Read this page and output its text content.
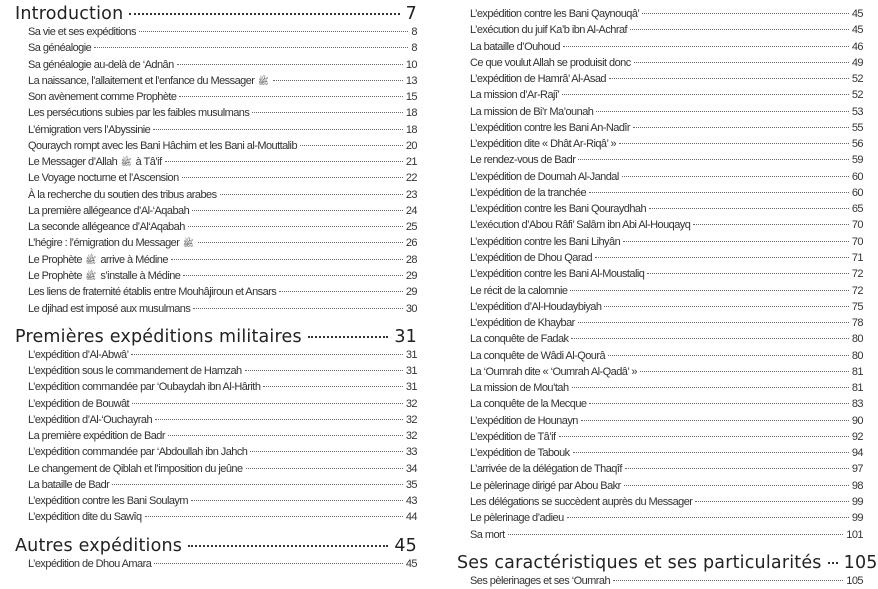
Introduction	7
Sa vie et ses expéditions	8
Sa généalogie	8
Sa généalogie au-delà de ‘Adnân	10
La naissance, l’allaitement et l’enfance du Messager ﷺ	13
Son avènement comme Prophète	15
Les persécutions subies par les faibles musulmans	18
L’émigration vers l’Abyssinie	18
Qouraych rompt avec les Bani Hâchim et les Bani al-Mouttalib	20
Le Messager d’Allah ﷺ à Tâ’if	21
Le Voyage nocturne et l’Ascension	22
À la recherche du soutien des tribus arabes	23
La première allégeance d’Al-‘Aqabah	24
La seconde allégeance d’Al‘Aqabah	25
L’hégire : l’émigration du Messager ﷺ	26
Le Prophète ﷺ arrive à Médine	28
Le Prophète ﷺ s’installe à Médine	29
Les liens de fraternité établis entre Mouhâjiroun et Ansars	29
Le djihad est imposé aux musulmans	30
Premières expéditions militaires	31
L’expédition d’Al-Abwâ’	31
L’expédition sous le commandement de Hamzah	31
L’expédition commandée par ‘Oubaydah ibn Al-Hârith	31
L’expédition de Bouwât	32
L’expédition d’Al-‘Ouchayrah	32
La première expédition de Badr	32
L’expédition commandée par ‘Abdoullah ibn Jahch	33
Le changement de Qiblah et l’imposition du jeûne	34
La bataille de Badr	35
L’expédition contre les Bani Soulaym	43
L’expédition dite du Sawîq	44
Autres expéditions	45
L’expédition de Dhou Amara	45
L’expédition contre les Bani Qaynouqâ’	45
L’exécution du juif Ka’b ibn Al-Achraf	45
La bataille d’Ouhoud	46
Ce que voulut Allah se produisit donc	49
L’expédition de Hamrâ’ Al-Asad	52
La mission d’Ar-Rajî’	52
La mission de Bi’r Ma’ounah	53
L’expédition contre les Bani An-Nadîr	55
L’expédition dite « Dhât Ar-Riqâ’ »	56
Le rendez-vous de Badr	59
L’expédition de Doumah Al-Jandal	60
L’expédition de la tranchée	60
L’expédition contre les Bani Qouraydhah	65
L’exécution d’Abou Râfi’ Salâm ibn Abi Al-Houqayq	70
L’expédition contre les Bani Lihyân	70
L’expédition de Dhou Qarad	71
L’expédition contre les Bani Al-Moustaliq	72
Le récit de la calomnie	72
L’expédition d’Al-Houdaybiyah	75
L’expédition de Khaybar	78
La conquête de Fadak	80
La conquête de Wâdi Al-Qourâ	80
La ‘Oumrah dite « ‘Oumrah Al-Qadâ’ »	81
La mission de Mou’tah	81
La conquête de la Mecque	83
L’expédition de Hounayn	90
L’expédition de Tâ’if	92
L’expédition de Tabouk	94
L’arrivée de la délégation de Thaqîf	97
Le pèlerinage dirigé par Abou Bakr	98
Les délégations se succèdent auprès du Messager	99
Le pèlerinage d’adieu	99
Sa mort	101
Ses caractéristiques et ses particularités 105
Ses pèlerinages et ses ‘Oumrah	105
